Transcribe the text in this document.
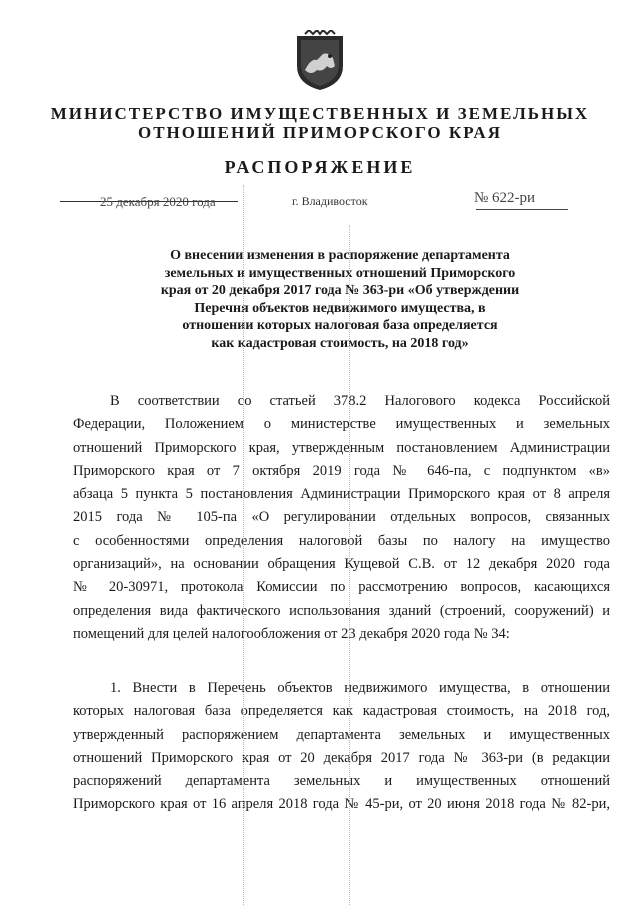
МИНИСТЕРСТВО ИМУЩЕСТВЕННЫХ И ЗЕМЕЛЬНЫХ
ОТНОШЕНИЙ ПРИМОРСКОГО КРАЯ
РАСПОРЯЖЕНИЕ
25 декабря 2020 года	г. Владивосток	№ 622-ри
О внесении изменения в распоряжение департамента
земельных и имущественных отношений Приморского
края от 20 декабря 2017 года № 363-ри «Об утверждении
Перечня объектов недвижимого имущества, в
отношении которых налоговая база определяется
как кадастровая стоимость, на 2018 год»
В соответствии со статьей 378.2 Налогового кодекса Российской
Федерации, Положением о министерстве имущественных и земельных
отношений Приморского края, утвержденным постановлением Администрации
Приморского края от 7 октября 2019 года № 646-па, с подпунктом «в»
абзаца 5 пункта 5 постановления Администрации Приморского края от 8 апреля
2015 года № 105-па «О регулировании отдельных вопросов, связанных
с особенностями определения налоговой базы по налогу на имущество
организаций», на основании обращения Кущевой С.В. от 12 декабря 2020 года
№ 20-30971, протокола Комиссии по рассмотрению вопросов, касающихся
определения вида фактического использования зданий (строений, сооружений) и
помещений для целей налогообложения от 23 декабря 2020 года № 34:
1. Внести в Перечень объектов недвижимого имущества, в отношении
которых налоговая база определяется как кадастровая стоимость, на 2018 год,
утвержденный распоряжением департамента земельных и имущественных
отношений Приморского края от 20 декабря 2017 года № 363-ри (в редакции
распоряжений департамента земельных и имущественных отношений
Приморского края от 16 апреля 2018 года № 45-ри, от 20 июня 2018 года № 82-ри,
